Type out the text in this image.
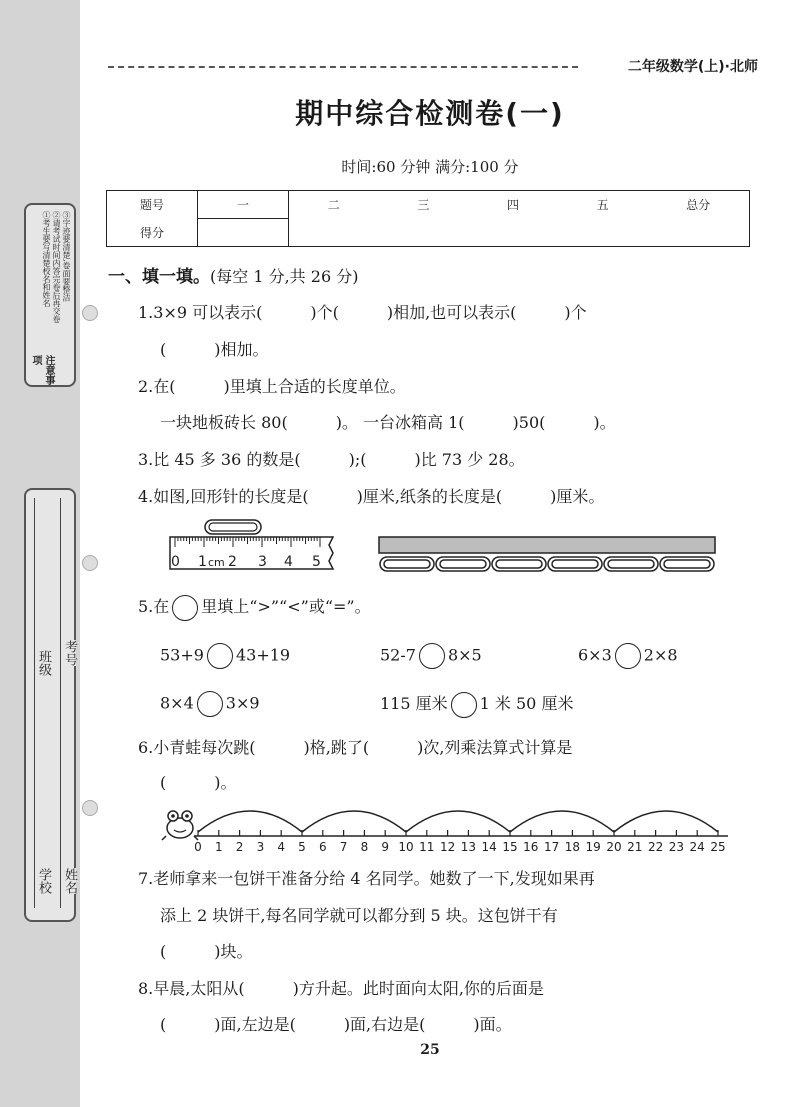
注意事项
①考生要写清楚校名和姓名 ②请考试时间内答完卷后再交卷 ③字迹要清楚,卷面要整洁
班级 考号
学校 姓名
二年级数学(上)·北师
期中综合检测卷(一)
时间:60 分钟 满分:100 分
题号	一	二 三 四 五 总分

得分		
一、填一填。(每空 1 分,共 26 分)
1.3×9 可以表示(　　　)个(　　　)相加,也可以表示(　　　)个
(　　　)相加。
2.在(　　　)里填上合适的长度单位。
一块地板砖长 80(　　　)。 一台冰箱高 1(　　　)50(　　　)。
3.比 45 多 36 的数是(　　　);(　　　)比 73 少 28。
4.如图,回形针的长度是(　　　)厘米,纸条的长度是(　　　)厘米。
0 1 cm 2 3 4 5
5.在 里填上“>”“<”或“=”。
53+9 43+19	52-7 8×5	6×3 2×8
8×4 3×9	115 厘米 1 米 50 厘米
6.小青蛙每次跳(　　　)格,跳了(　　　)次,列乘法算式计算是
(　　　)。
0 1 2 3 4 5 6 7 8 9 10 11 12 13 14 15 16 17 18 19 20 21 22 23 24 25
7.老师拿来一包饼干准备分给 4 名同学。她数了一下,发现如果再
添上 2 块饼干,每名同学就可以都分到 5 块。这包饼干有
(　　　)块。
8.早晨,太阳从(　　　)方升起。此时面向太阳,你的后面是
(　　　)面,左边是(　　　)面,右边是(　　　)面。
25
